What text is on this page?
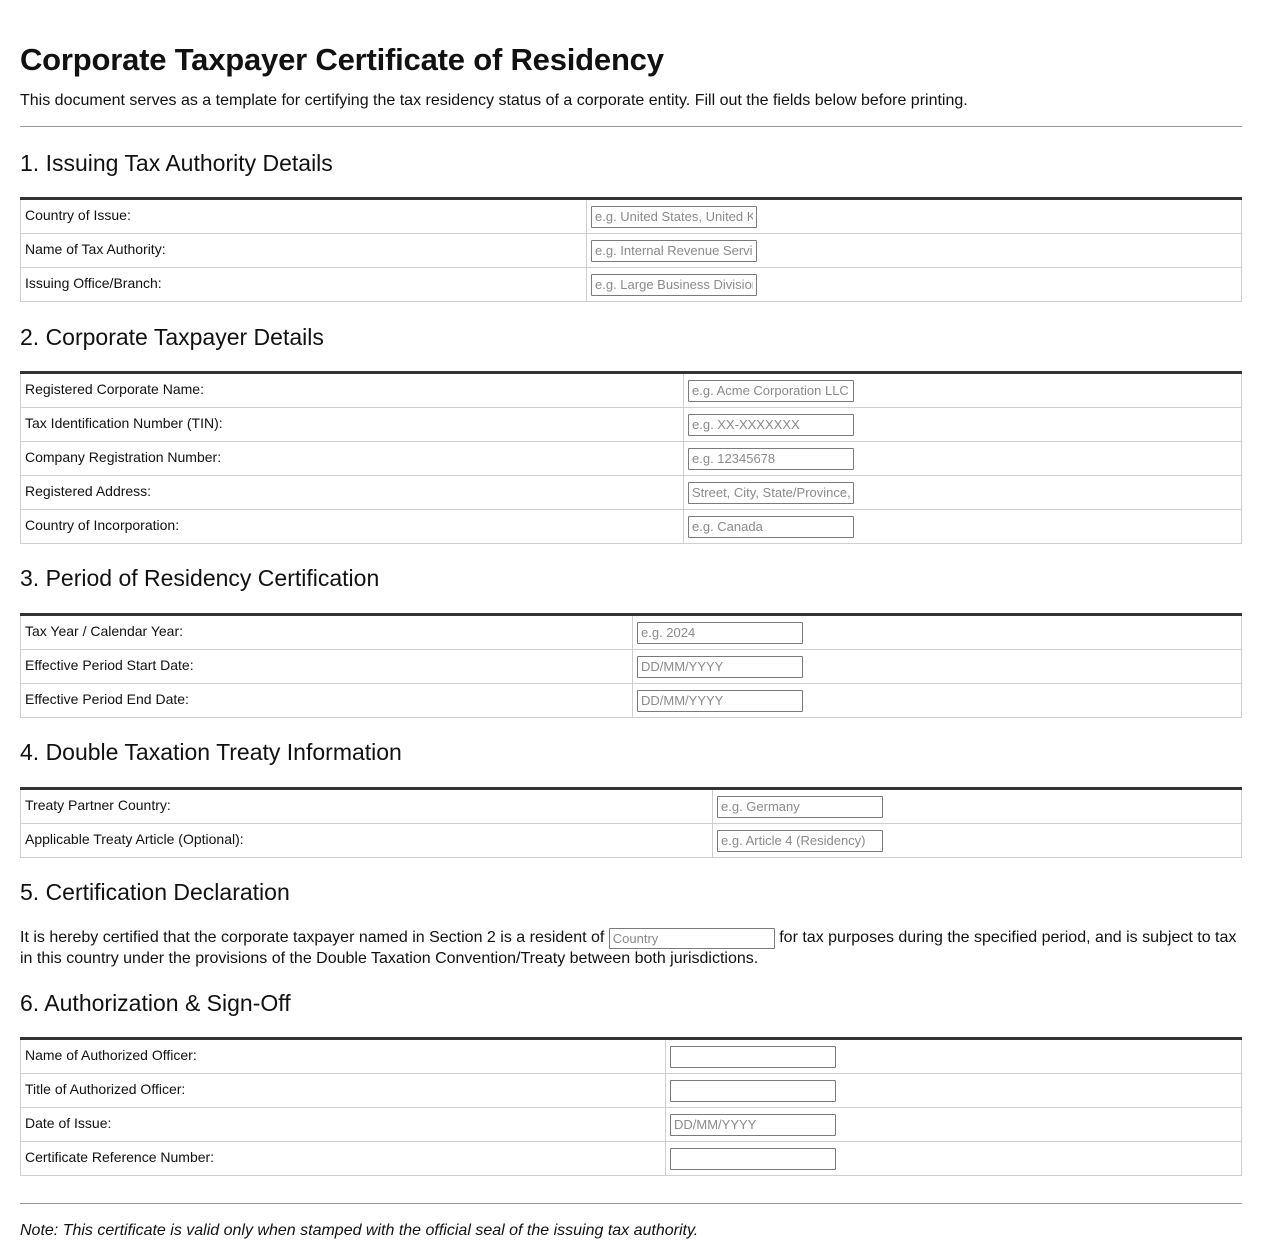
Corporate Taxpayer Certificate of Residency

This document serves as a template for certifying the tax residency status of a corporate entity. Fill out the fields below before printing.

1. Issuing Tax Authority Details
Country of Issue:	e.g. United States, United Kingdom
Name of Tax Authority:	e.g. Internal Revenue Service
Issuing Office/Branch:	e.g. Large Business Division
2. Corporate Taxpayer Details
Registered Corporate Name:	e.g. Acme Corporation LLC
Tax Identification Number (TIN):	e.g. XX-XXXXXXX
Company Registration Number:	e.g. 12345678
Registered Address:	Street, City, State/Province, Postal Code
Country of Incorporation:	e.g. Canada
3. Period of Residency Certification
Tax Year / Calendar Year:	e.g. 2024
Effective Period Start Date:	DD/MM/YYYY
Effective Period End Date:	DD/MM/YYYY
4. Double Taxation Treaty Information
Treaty Partner Country:	e.g. Germany
Applicable Treaty Article (Optional):	e.g. Article 4 (Residency)
5. Certification Declaration

It is hereby certified that the corporate taxpayer named in Section 2 is a resident of Country	for tax purposes during the specified period, and is subject to tax in this country under the provisions of the Double Taxation Convention/Treaty between both jurisdictions.

6. Authorization & Sign-Off
Name of Authorized Officer:	
Title of Authorized Officer:	
Date of Issue:	DD/MM/YYYY
Certificate Reference Number:	

Note: This certificate is valid only when stamped with the official seal of the issuing tax authority.
